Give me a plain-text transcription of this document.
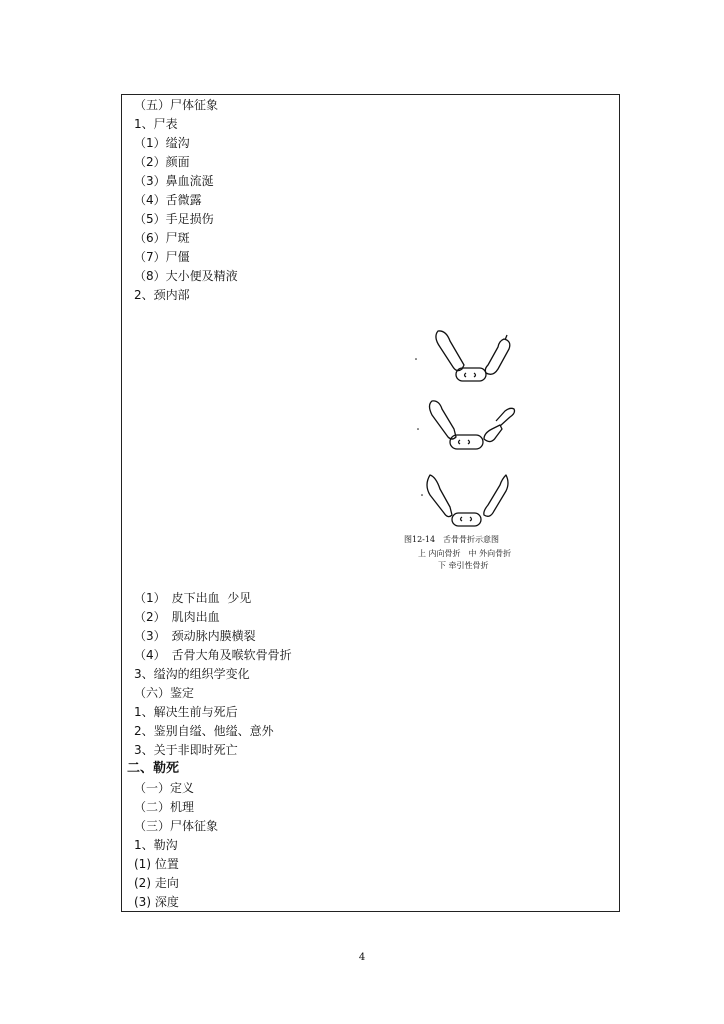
（五）尸体征象
1、尸表
（1）缢沟
（2）颜面
（3）鼻血流涎
（4）舌微露
（5）手足损伤
（6）尸斑
（7）尸僵
（8）大小便及精液
2、颈内部
图12-14　舌骨骨折示意图
上 内向骨折　中 外向骨折
下 牵引性骨折
（1）　皮下出血  少见
（2）　肌肉出血
（3）　颈动脉内膜横裂
（4）　舌骨大角及喉软骨骨折
3、缢沟的组织学变化
（六）鉴定
1、解决生前与死后
2、鉴别自缢、他缢、意外
3、关于非即时死亡
二、勒死
（一）定义
（二）机理
（三）尸体征象
1、勒沟
(1) 位置
(2) 走向
(3) 深度
4
